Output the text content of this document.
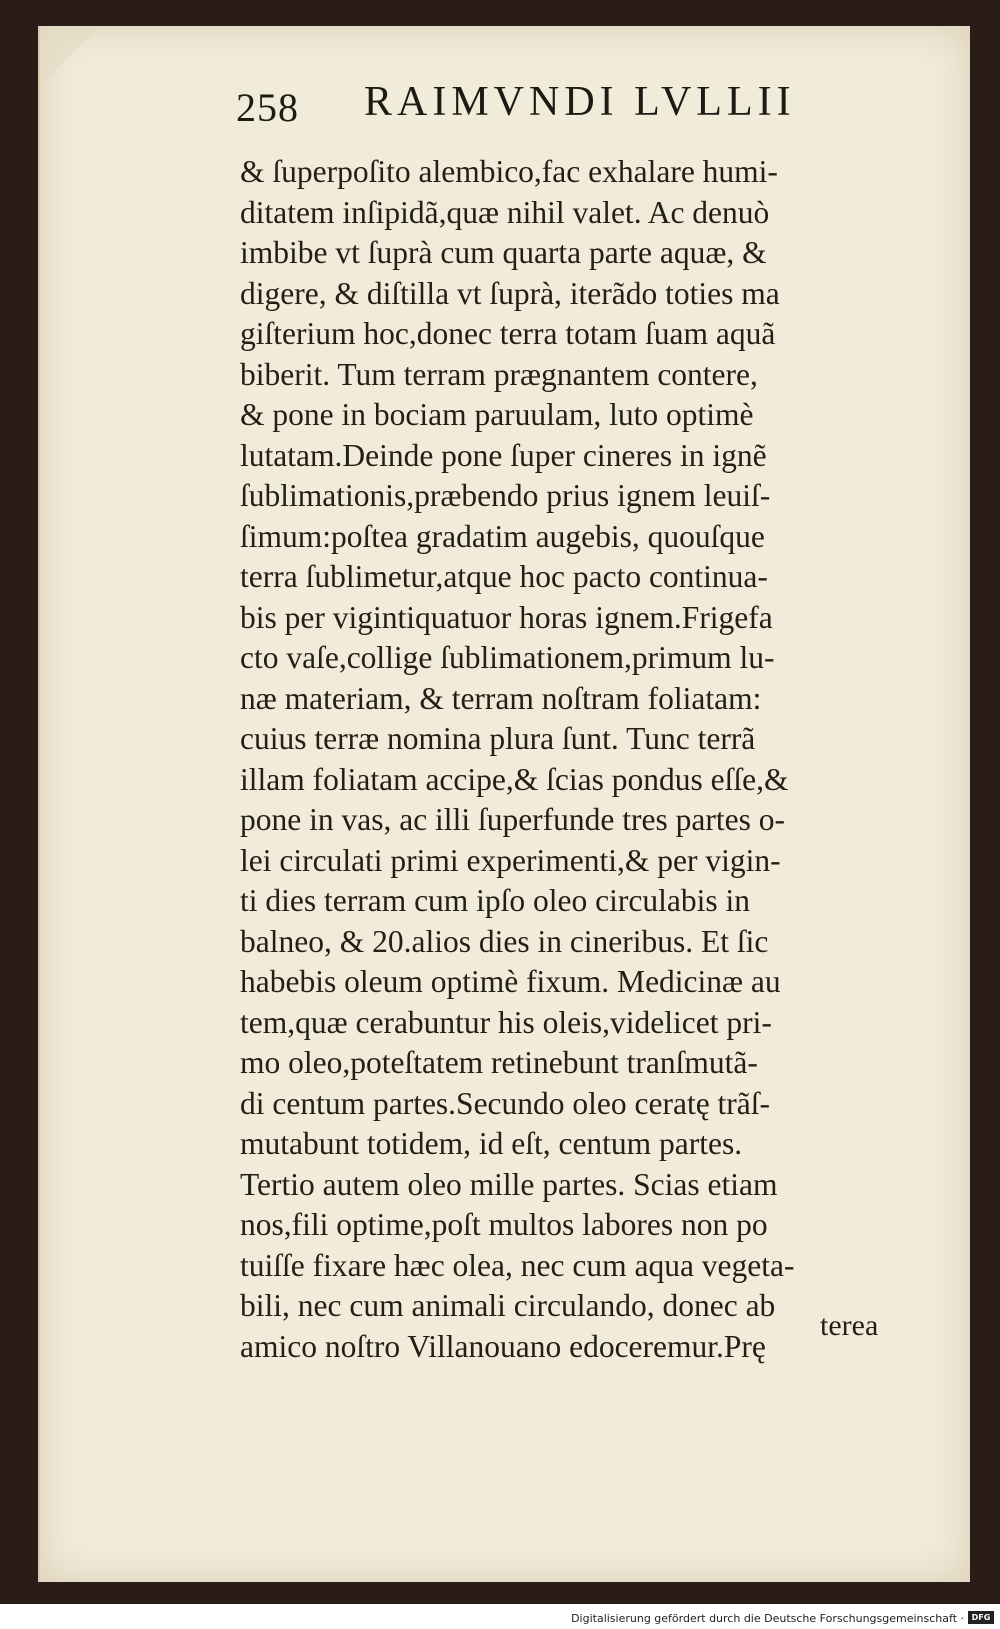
258 RAIMVNDI LVLLII
& ſuperpoſito alembico,fac exhalare humi-
ditatem inſipidã,quæ nihil valet. Ac denuò
imbibe vt ſuprà cum quarta parte aquæ, &
digere, & diſtilla vt ſuprà, iterãdo toties ma
giſterium hoc,donec terra totam ſuam aquã
biberit. Tum terram prægnantem contere,
& pone in bociam paruulam, luto optimè
lutatam.Deinde pone ſuper cineres in ignẽ
ſublimationis,præbendo prius ignem leuiſ-
ſimum:poſtea gradatim augebis, quouſque
terra ſublimetur,atque hoc pacto continua-
bis per vigintiquatuor horas ignem.Frigefa
cto vaſe,collige ſublimationem,primum lu-
næ materiam, & terram noſtram foliatam:
cuius terræ nomina plura ſunt. Tunc terrã
illam foliatam accipe,& ſcias pondus eſſe,&
pone in vas, ac illi ſuperfunde tres partes o-
lei circulati primi experimenti,& per vigin-
ti dies terram cum ipſo oleo circulabis in
balneo, & 20.alios dies in cineribus. Et ſic
habebis oleum optimè fixum. Medicinæ au
tem,quæ cerabuntur his oleis,videlicet pri-
mo oleo,poteſtatem retinebunt tranſmutã-
di centum partes.Secundo oleo ceratę trãſ-
mutabunt totidem, id eſt, centum partes.
Tertio autem oleo mille partes. Scias etiam
nos,fili optime,poſt multos labores non po
tuiſſe fixare hæc olea, nec cum aqua vegeta-
bili, nec cum animali circulando, donec ab
amico noſtro Villanouano edoceremur.Prę
terea
Digitalisierung gefördert durch die Deutsche Forschungsgemeinschaft · DFG
